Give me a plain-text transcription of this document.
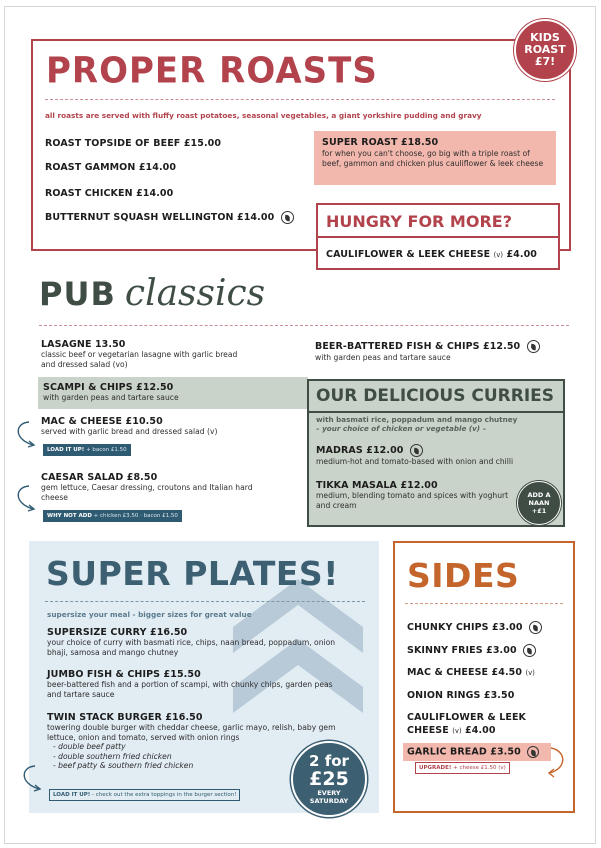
KIDS
ROAST
£7!
PROPER ROASTS
all roasts are served with fluffy roast potatoes, seasonal vegetables, a giant yorkshire pudding and gravy
ROAST TOPSIDE OF BEEF £15.00
ROAST GAMMON £14.00
ROAST CHICKEN £14.00
BUTTERNUT SQUASH WELLINGTON £14.00
SUPER ROAST £18.50
for when you can't choose, go big with a triple roast of beef, gammon and chicken plus cauliflower & leek cheese
HUNGRY FOR MORE?
CAULIFLOWER & LEEK CHEESE (v) £4.00
PUB classics
LASAGNE 13.50
classic beef or vegetarian lasagne with garlic bread and dressed salad (vo)
SCAMPI & CHIPS £12.50
with garden peas and tartare sauce
MAC & CHEESE £10.50
served with garlic bread and dressed salad (v)
LOAD IT UP! + bacon £1.50
CAESAR SALAD £8.50
gem lettuce, Caesar dressing, croutons and Italian hard cheese
WHY NOT ADD + chicken £3.50 · bacon £1.50
BEER-BATTERED FISH & CHIPS £12.50
with garden peas and tartare sauce
OUR DELICIOUS CURRIES
with basmati rice, poppadum and mango chutney
– your choice of chicken or vegetable (v) –
MADRAS £12.00
medium-hot and tomato-based with onion and chilli
TIKKA MASALA £12.00
medium, blending tomato and spices with yoghurt and cream
ADD A
NAAN
+£1
SUPER PLATES!
supersize your meal - bigger sizes for great value
SUPERSIZE CURRY £16.50
your choice of curry with basmati rice, chips, naan bread, poppadum, onion bhaji, samosa and mango chutney
JUMBO FISH & CHIPS £15.50
beer-battered fish and a portion of scampi, with chunky chips, garden peas and tartare sauce
TWIN STACK BURGER £16.50
towering double burger with cheddar cheese, garlic mayo, relish, baby gem lettuce, onion and tomato, served with onion rings
- double beef patty
- double southern fried chicken
- beef patty & southern fried chicken
LOAD IT UP! - check out the extra toppings in the burger section!
2 for
£25
EVERY
SATURDAY
SIDES
CHUNKY CHIPS £3.00
SKINNY FRIES £3.00
MAC & CHEESE £4.50 (v)
ONION RINGS £3.50
CAULIFLOWER & LEEK
CHEESE (v) £4.00
GARLIC BREAD £3.50
UPGRADE! + cheese £1.50 (v)
